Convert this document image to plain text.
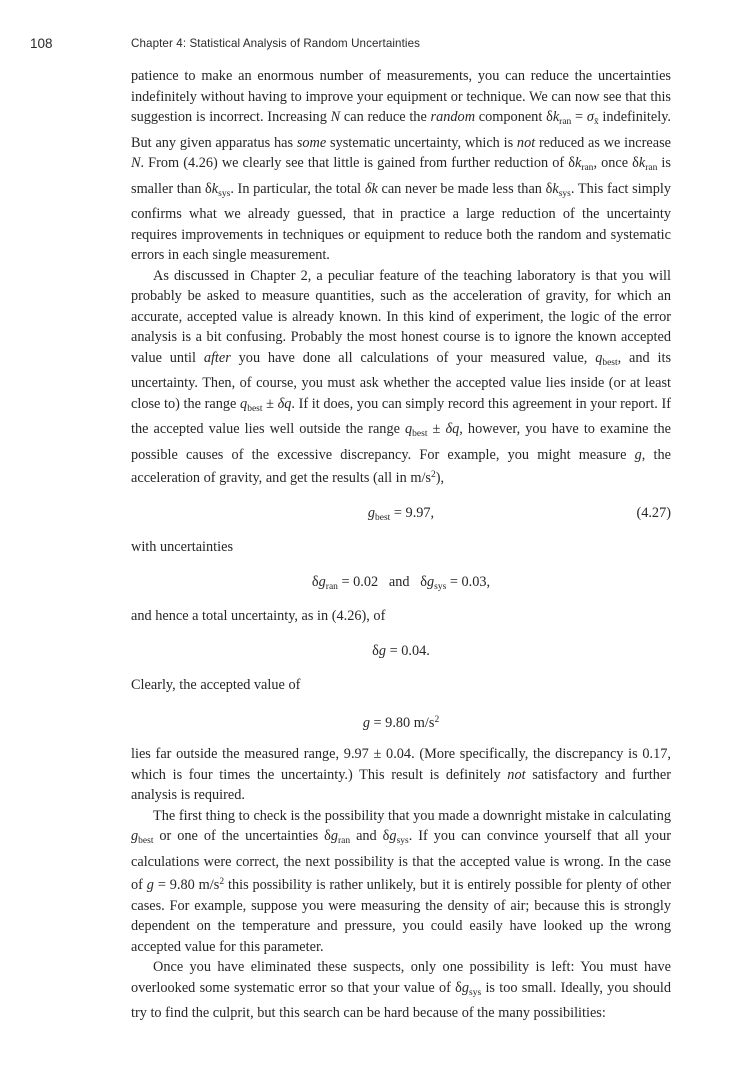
108	Chapter 4: Statistical Analysis of Random Uncertainties

patience to make an enormous number of measurements, you can reduce the uncertainties indefinitely without having to improve your equipment or technique. We can now see that this suggestion is incorrect. Increasing N can reduce the random component $\delta k_{ran} = \sigma_{x̄}$ indefinitely. But any given apparatus has some systematic uncertainty, which is not reduced as we increase N. From (4.26) we clearly see that little is gained from further reduction of $\delta k_{ran}$, once $\delta k_{ran}$ is smaller than $\delta k_{sys}$. In particular, the total δk can never be made less than $\delta k_{sys}$. This fact simply confirms what we already guessed, that in practice a large reduction of the uncertainty requires improvements in techniques or equipment to reduce both the random and systematic errors in each single measurement.

As discussed in Chapter 2, a peculiar feature of the teaching laboratory is that you will probably be asked to measure quantities, such as the acceleration of gravity, for which an accurate, accepted value is already known. In this kind of experiment, the logic of the error analysis is a bit confusing. Probably the most honest course is to ignore the known accepted value until after you have done all calculations of your measured value, $q_{best}$, and its uncertainty. Then, of course, you must ask whether the accepted value lies inside (or at least close to) the range $q_{best} \pm \delta q$. If it does, you can simply record this agreement in your report. If the accepted value lies well outside the range $q_{best} \pm \delta q$, however, you have to examine the possible causes of the excessive discrepancy. For example, you might measure g, the acceleration of gravity, and get the results (all in $m/s^2$),

$g_{best} = 9.97$,	(4.27)

with uncertainties

$\delta g_{ran} = 0.02$   and   $\delta g_{sys} = 0.03$,

and hence a total uncertainty, as in (4.26), of

δg = 0.04.

Clearly, the accepted value of

g = 9.80 $m/s^2$

lies far outside the measured range, 9.97 ± 0.04. (More specifically, the discrepancy is 0.17, which is four times the uncertainty.) This result is definitely not satisfactory and further analysis is required.

The first thing to check is the possibility that you made a downright mistake in calculating $g_{best}$ or one of the uncertainties $\delta g_{ran}$ and $\delta g_{sys}$. If you can convince yourself that all your calculations were correct, the next possibility is that the accepted value is wrong. In the case of g = 9.80 $m/s^2$ this possibility is rather unlikely, but it is entirely possible for plenty of other cases. For example, suppose you were measuring the density of air; because this is strongly dependent on the temperature and pressure, you could easily have looked up the wrong accepted value for this parameter.

Once you have eliminated these suspects, only one possibility is left: You must have overlooked some systematic error so that your value of $\delta g_{sys}$ is too small. Ideally, you should try to find the culprit, but this search can be hard because of the many possibilities:
